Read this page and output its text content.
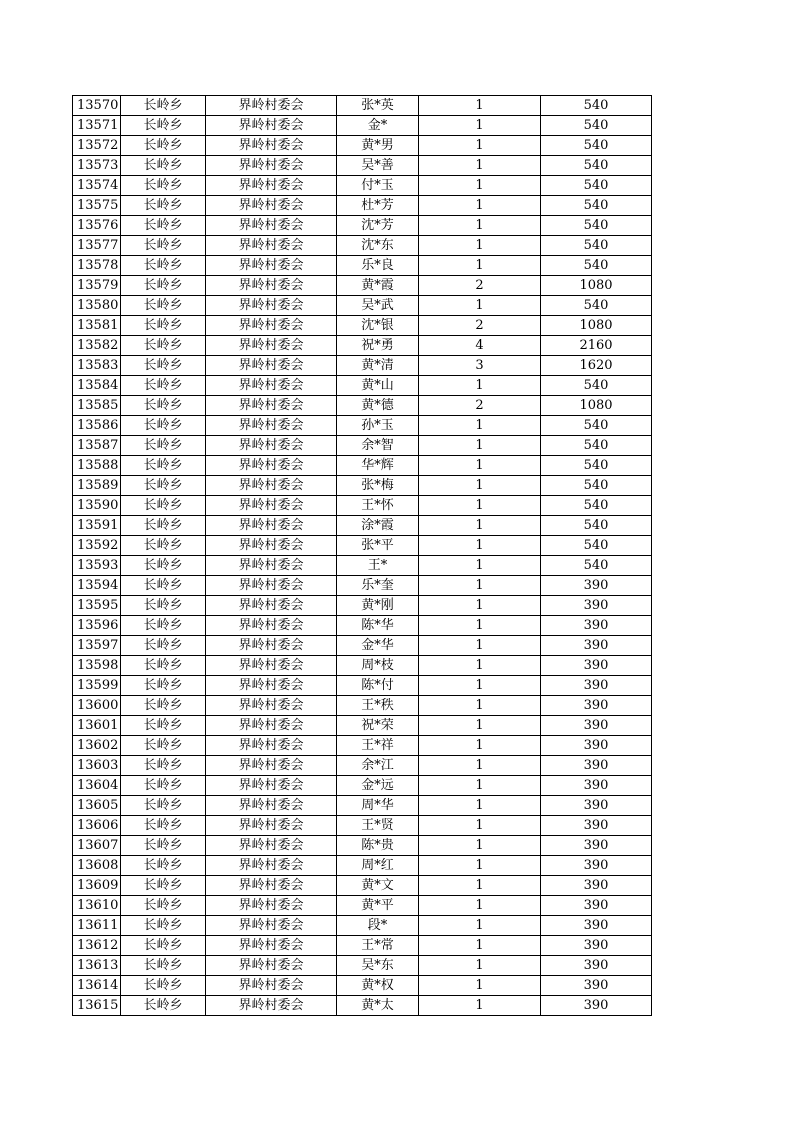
13570	长岭乡	界岭村委会	张*英	1	540
13571	长岭乡	界岭村委会	金*	1	540
13572	长岭乡	界岭村委会	黄*男	1	540
13573	长岭乡	界岭村委会	吴*善	1	540
13574	长岭乡	界岭村委会	付*玉	1	540
13575	长岭乡	界岭村委会	杜*芳	1	540
13576	长岭乡	界岭村委会	沈*芳	1	540
13577	长岭乡	界岭村委会	沈*东	1	540
13578	长岭乡	界岭村委会	乐*良	1	540
13579	长岭乡	界岭村委会	黄*霞	2	1080
13580	长岭乡	界岭村委会	吴*武	1	540
13581	长岭乡	界岭村委会	沈*银	2	1080
13582	长岭乡	界岭村委会	祝*勇	4	2160
13583	长岭乡	界岭村委会	黄*清	3	1620
13584	长岭乡	界岭村委会	黄*山	1	540
13585	长岭乡	界岭村委会	黄*德	2	1080
13586	长岭乡	界岭村委会	孙*玉	1	540
13587	长岭乡	界岭村委会	余*智	1	540
13588	长岭乡	界岭村委会	华*辉	1	540
13589	长岭乡	界岭村委会	张*梅	1	540
13590	长岭乡	界岭村委会	王*怀	1	540
13591	长岭乡	界岭村委会	涂*霞	1	540
13592	长岭乡	界岭村委会	张*平	1	540
13593	长岭乡	界岭村委会	王*	1	540
13594	长岭乡	界岭村委会	乐*奎	1	390
13595	长岭乡	界岭村委会	黄*刚	1	390
13596	长岭乡	界岭村委会	陈*华	1	390
13597	长岭乡	界岭村委会	金*华	1	390
13598	长岭乡	界岭村委会	周*枝	1	390
13599	长岭乡	界岭村委会	陈*付	1	390
13600	长岭乡	界岭村委会	王*秩	1	390
13601	长岭乡	界岭村委会	祝*荣	1	390
13602	长岭乡	界岭村委会	王*祥	1	390
13603	长岭乡	界岭村委会	余*江	1	390
13604	长岭乡	界岭村委会	金*远	1	390
13605	长岭乡	界岭村委会	周*华	1	390
13606	长岭乡	界岭村委会	王*贤	1	390
13607	长岭乡	界岭村委会	陈*贵	1	390
13608	长岭乡	界岭村委会	周*红	1	390
13609	长岭乡	界岭村委会	黄*文	1	390
13610	长岭乡	界岭村委会	黄*平	1	390
13611	长岭乡	界岭村委会	段*	1	390
13612	长岭乡	界岭村委会	王*常	1	390
13613	长岭乡	界岭村委会	吴*东	1	390
13614	长岭乡	界岭村委会	黄*权	1	390
13615	长岭乡	界岭村委会	黄*太	1	390
